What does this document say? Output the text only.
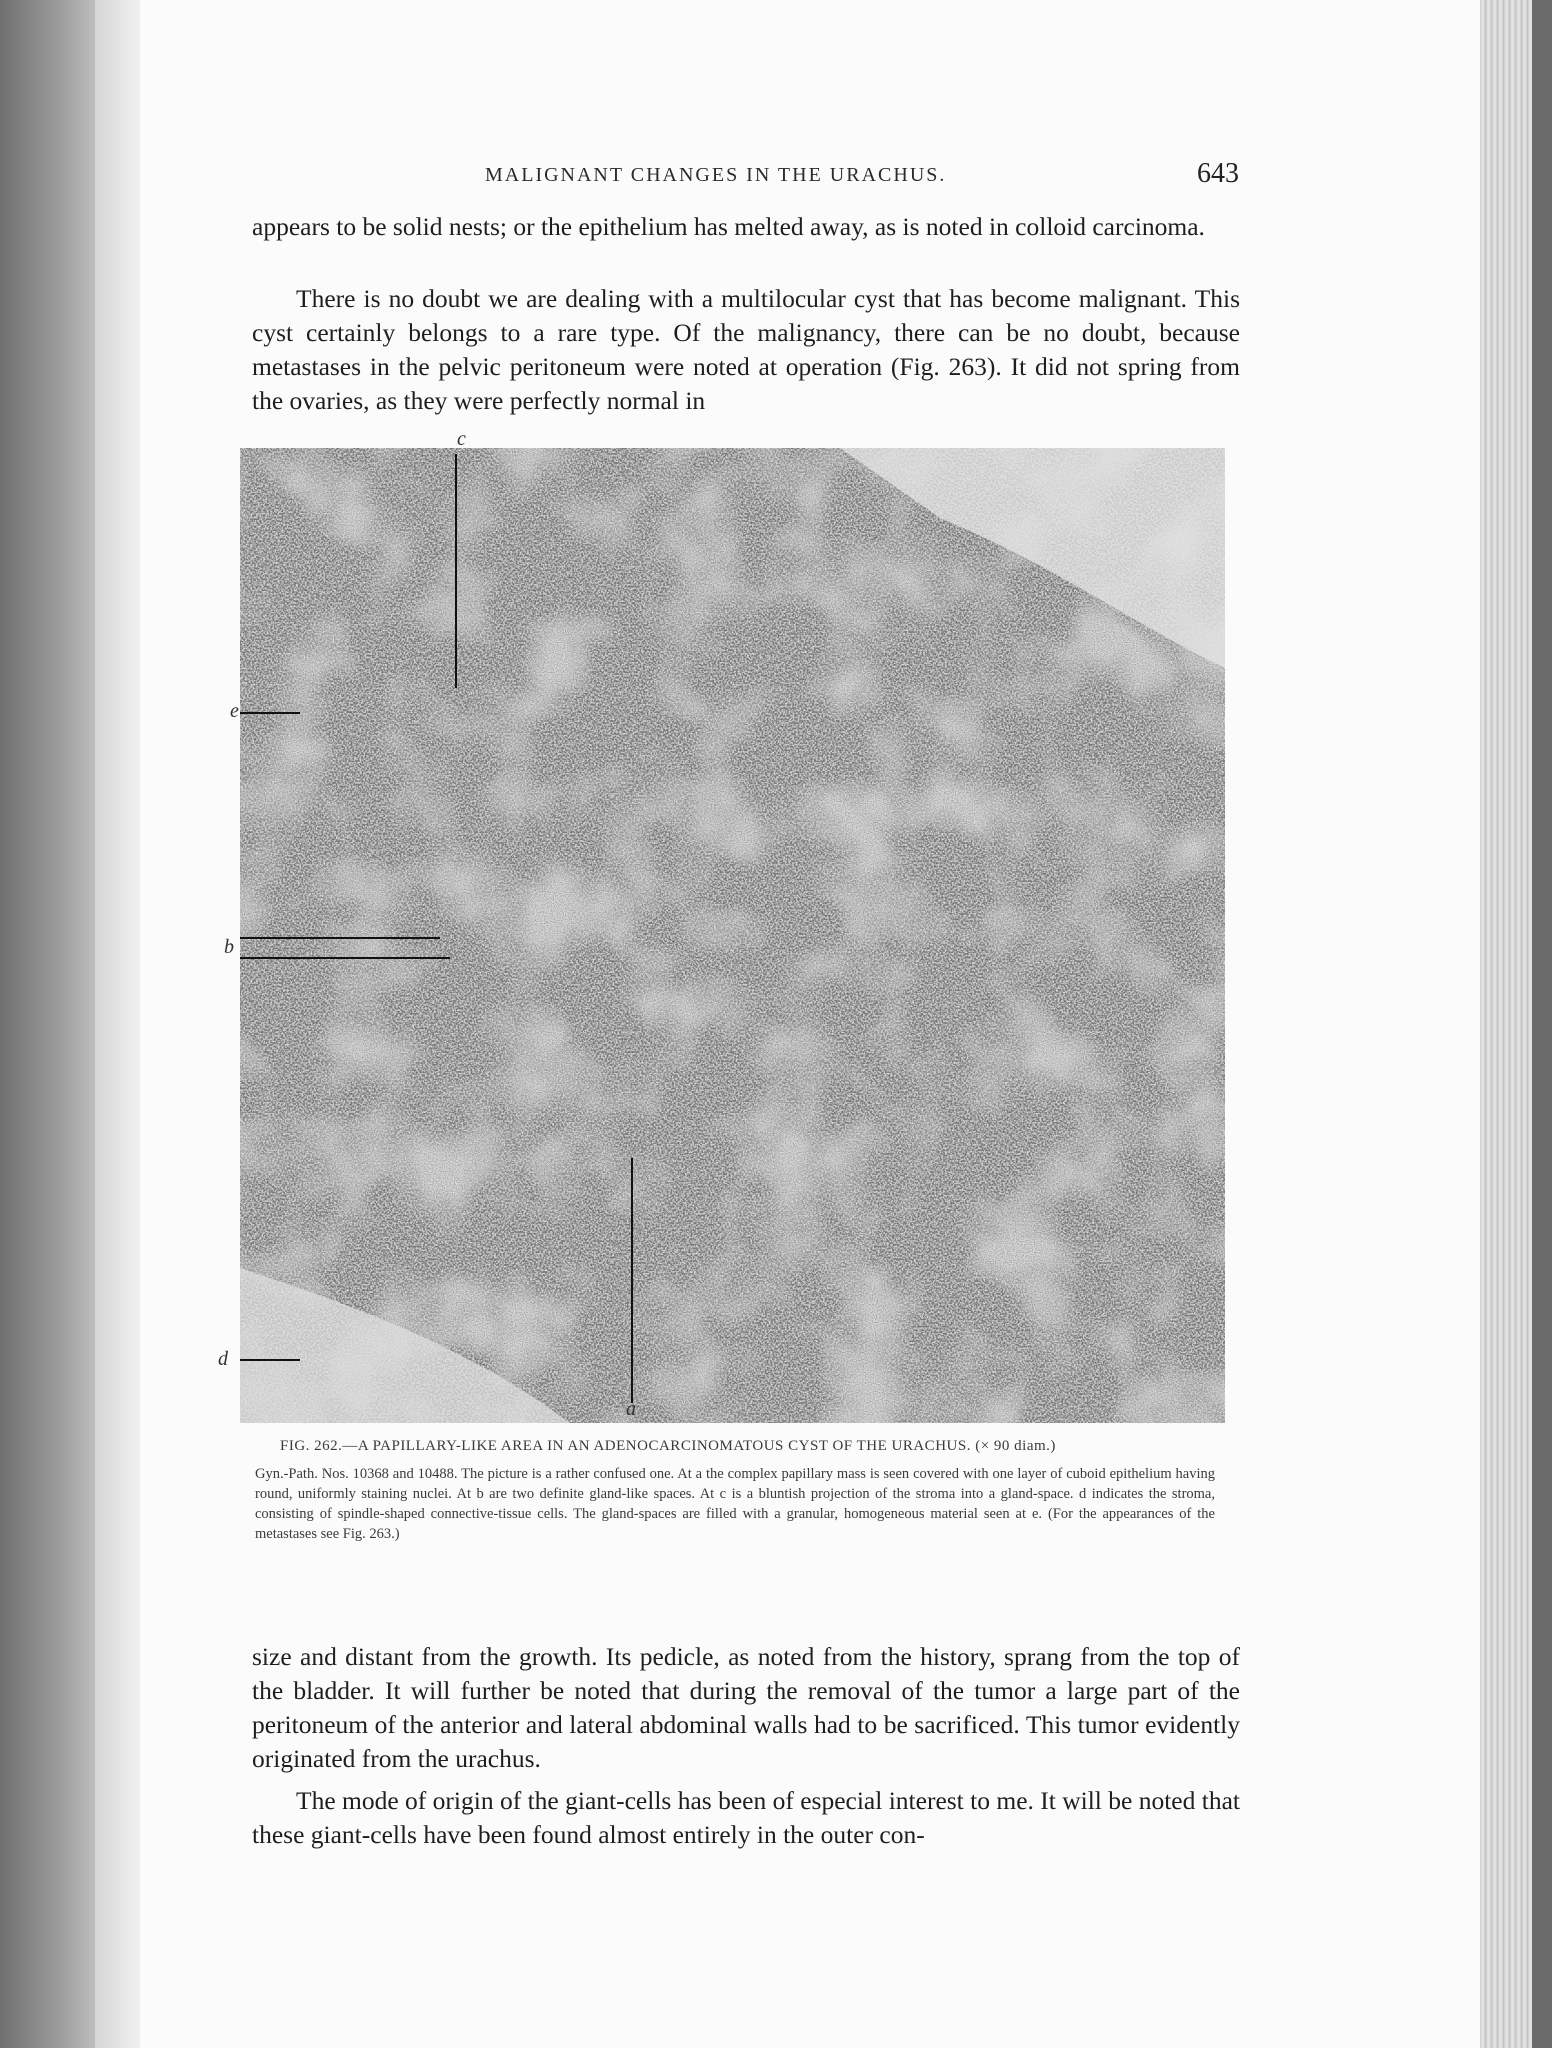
MALIGNANT CHANGES IN THE URACHUS.	643

appears to be solid nests; or the epithelium has melted away, as is noted in colloid carcinoma.

There is no doubt we are dealing with a multilocular cyst that has become malignant. This cyst certainly belongs to a rare type. Of the malignancy, there can be no doubt, because metastases in the pelvic peritoneum were noted at operation (Fig. 263). It did not spring from the ovaries, as they were perfectly normal in

c
e
b
d
a

FIG. 262.—A PAPILLARY-LIKE AREA IN AN ADENOCARCINOMATOUS CYST OF THE URACHUS. (× 90 diam.)

Gyn.-Path. Nos. 10368 and 10488. The picture is a rather confused one. At a the complex papillary mass is seen covered with one layer of cuboid epithelium having round, uniformly staining nuclei. At b are two definite gland-like spaces. At c is a bluntish projection of the stroma into a gland-space. d indicates the stroma, consisting of spindle-shaped connective-tissue cells. The gland-spaces are filled with a granular, homogeneous material seen at e. (For the appearances of the metastases see Fig. 263.)

size and distant from the growth. Its pedicle, as noted from the history, sprang from the top of the bladder. It will further be noted that during the removal of the tumor a large part of the peritoneum of the anterior and lateral abdominal walls had to be sacrificed. This tumor evidently originated from the urachus.

The mode of origin of the giant-cells has been of especial interest to me. It will be noted that these giant-cells have been found almost entirely in the outer con-
